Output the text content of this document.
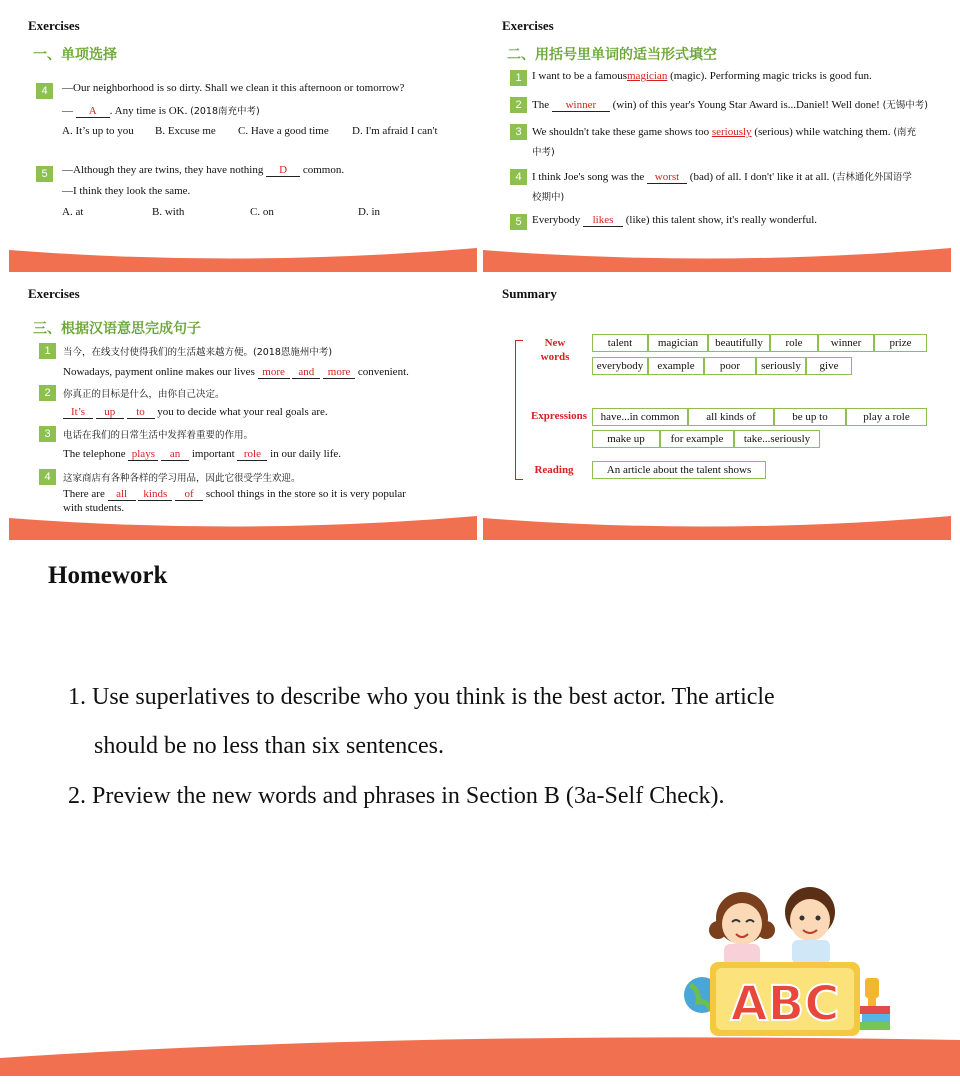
Exercises
一、单项选择
4	—Our neighborhood is so dirty. Shall we clean it this afternoon or tomorrow?
— A . Any time is OK. (2018南充中考)
A. It’s up to you B. Excuse me C. Have a good time D. I'm afraid I can't
5	—Although they are twins, they have nothing D common.
—I think they look the same.
A. at	B. with	C. on	D. in
Exercises
二、用括号里单词的适当形式填空
1 I want to be a famousmagician (magic). Performing magic tricks is good fun.
2 The winner (win) of this year's Young Star Award is...Daniel! Well done! (无锡中考)
3 We shouldn't take these game shows too seriously (serious) while watching them. (南充
中考)
4 I think Joe's song was the worst (bad) of all. I don't' like it at all. (吉林通化外国语学
校期中)
5 Everybody likes (like) this talent show, it's really wonderful.
Exercises
三、根据汉语意思完成句子
1	当今，在线支付使得我们的生活越来越方便。(2018恩施州中考)
Nowadays, payment online makes our lives more and more convenient.
2	你真正的目标是什么，由你自己决定。
It’s up to you to decide what your real goals are.
3	电话在我们的日常生活中发挥着重要的作用。
The telephone plays an important role in our daily life.
4	这家商店有各种各样的学习用品，因此它很受学生欢迎。
There are all kinds of school things in the store so it is very popular
with students.
Summary
New words
talent	magician	beautifully	role	winner	prize
everybody	example	poor	seriously	give
Expressions	have...in common	all kinds of	be up to	play a role
make up	for example	take...seriously
Reading	An article about the talent shows
Homework
1. Use superlatives to describe who you think is the best actor. The article
should be no less than six sentences.
2. Preview the new words and phrases in Section B (3a-Self Check).
ABC
